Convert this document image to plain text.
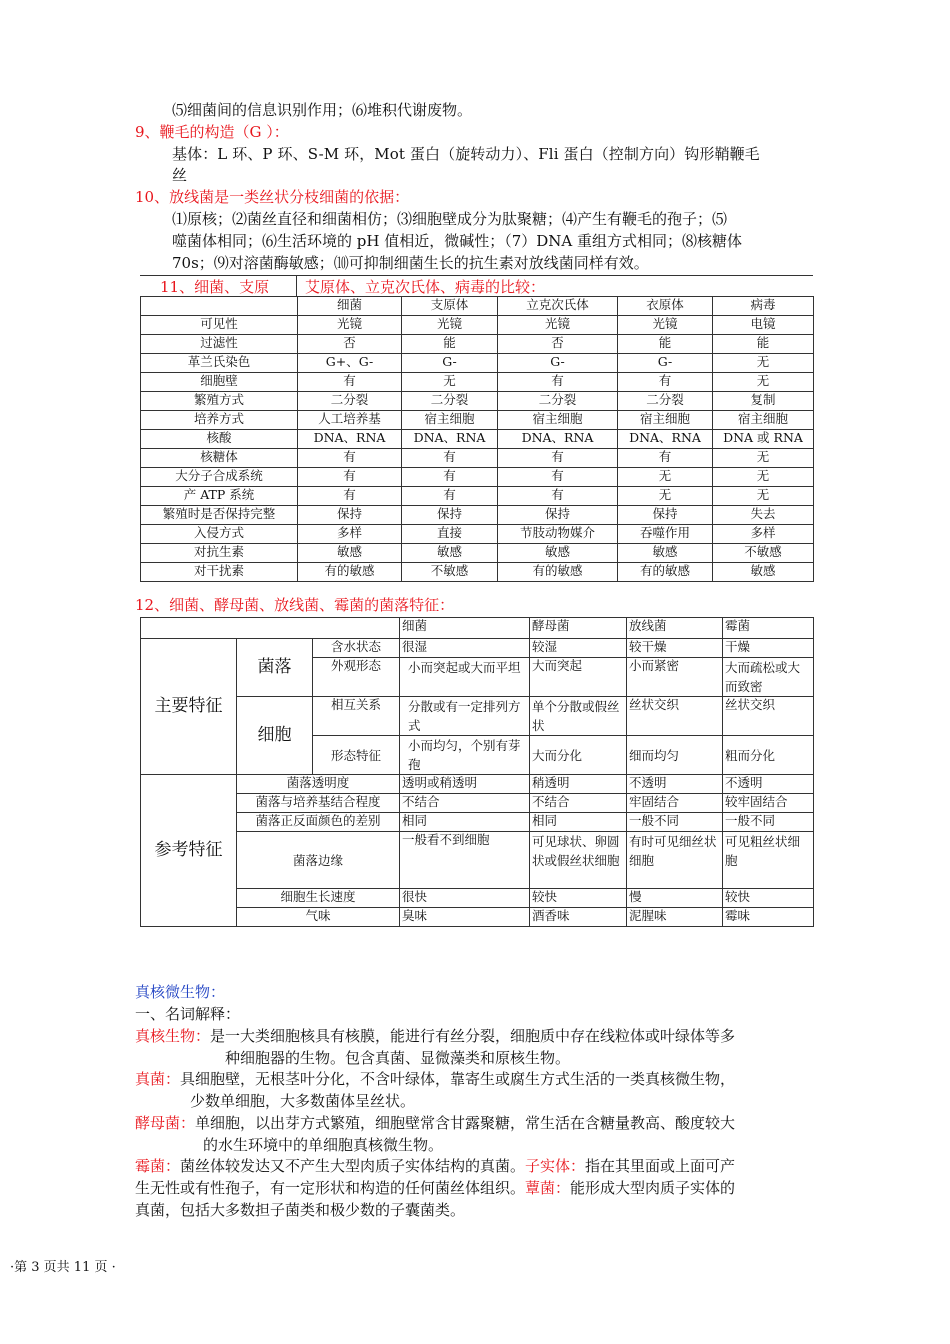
⑸细菌间的信息识别作用；⑹堆积代谢废物。
9、鞭毛的构造（G ）：
基体：L 环、P 环、S-M 环，Mot 蛋白（旋转动力）、Fli 蛋白（控制方向）钩形鞘鞭毛
丝
10、放线菌是一类丝状分枝细菌的依据：
⑴原核；⑵菌丝直径和细菌相仿；⑶细胞壁成分为肽聚糖；⑷产生有鞭毛的孢子；⑸
噬菌体相同；⑹生活环境的 pH 值相近，微碱性；（7）DNA 重组方式相同；⑻核糖体
70s；⑼对溶菌酶敏感；⑽可抑制细菌生长的抗生素对放线菌同样有效。
11、细菌、支原 艾原体、立克次氏体、病毒的比较：
	细菌	支原体	立克次氏体	衣原体	病毒
可见性	光镜	光镜	光镜	光镜	电镜
过滤性	否	能	否	能	能
革兰氏染色	G+、G-	G-	G-	G-	无
细胞壁	有	无	有	有	无
繁殖方式	二分裂	二分裂	二分裂	二分裂	复制
培养方式	人工培养基	宿主细胞	宿主细胞	宿主细胞	宿主细胞
核酸	DNA、RNA	DNA、RNA	DNA、RNA	DNA、RNA	DNA 或 RNA
核糖体	有	有	有	有	无
大分子合成系统	有	有	有	无	无
产 ATP 系统	有	有	有	无	无
繁殖时是否保持完整	保持	保持	保持	保持	失去
入侵方式	多样	直接	节肢动物媒介	吞噬作用	多样
对抗生素	敏感	敏感	敏感	敏感	不敏感
对干扰素	有的敏感	不敏感	有的敏感	有的敏感	敏感
12、细菌、酵母菌、放线菌、霉菌的菌落特征：
			细菌	酵母菌	放线菌	霉菌
主要特征	菌落	含水状态	很湿	较湿	较干燥	干燥
		外观形态	小而突起或大而平坦	大而突起	小而紧密	大而疏松或大而致密
	细胞	相互关系	分散或有一定排列方式	单个分散或假丝状	丝状交织	丝状交织
		形态特征	小而均匀，个别有芽孢	大而分化	细而均匀	粗而分化
参考特征	菌落透明度		透明或稍透明	稍透明	不透明	不透明
	菌落与培养基结合程度		不结合	不结合	牢固结合	较牢固结合
	菌落正反面颜色的差别		相同	相同	一般不同	一般不同
	菌落边缘		一般看不到细胞	可见球状、卵圆状或假丝状细胞	有时可见细丝状细胞	可见粗丝状细胞
	细胞生长速度		很快	较快	慢	较快
	气味		臭味	酒香味	泥腥味	霉味
真核微生物：
一、名词解释：
真核生物：是一大类细胞核具有核膜，能进行有丝分裂，细胞质中存在线粒体或叶绿体等多
种细胞器的生物。包含真菌、显微藻类和原核生物。
真菌：具细胞壁，无根茎叶分化，不含叶绿体，靠寄生或腐生方式生活的一类真核微生物，
少数单细胞，大多数菌体呈丝状。
酵母菌：单细胞，以出芽方式繁殖，细胞壁常含甘露聚糖，常生活在含糖量教高、酸度较大
的水生环境中的单细胞真核微生物。
霉菌：菌丝体较发达又不产生大型肉质子实体结构的真菌。子实体：指在其里面或上面可产
生无性或有性孢子，有一定形状和构造的任何菌丝体组织。蕈菌：能形成大型肉质子实体的
真菌，包括大多数担子菌类和极少数的子囊菌类。
·第 3 页共 11 页 ·
